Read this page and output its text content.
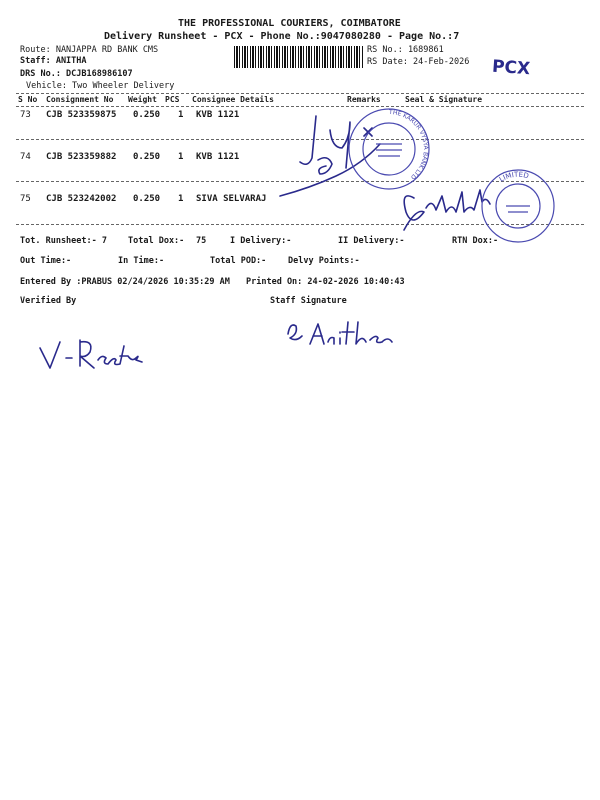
THE PROFESSIONAL COURIERS, COIMBATORE
Delivery Runsheet - PCX - Phone No.:9047080280 - Page No.:7
Route: NANJAPPA RD BANK CMS
Staff: ANITHA
DRS No.: DCJB168986107
Vehicle: Two Wheeler Delivery
RS No.: 1689861
RS Date: 24-Feb-2026 PCX
S No Consignment No Weight PCS Consignee Details	Remarks	Seal & Signature
73 CJB 523359875 0.250 1 KVB 1121
74 CJB 523359882 0.250 1 KVB 1121
75 CJB 523242002 0.250 1 SIVA SELVARAJ
Tot. Runsheet:- 7 Total Dox:- 75	I Delivery:-	II Delivery:-	RTN Dox:-
Out Time:-	In Time:-	Total POD:-	Delvy Points:-
Entered By :PRABUS 02/24/2026 10:35:29 AM Printed On: 24-02-2026 10:40:43
Verified By	Staff Signature
THE KARUR VYSYA BANK LTD	LIMITED
